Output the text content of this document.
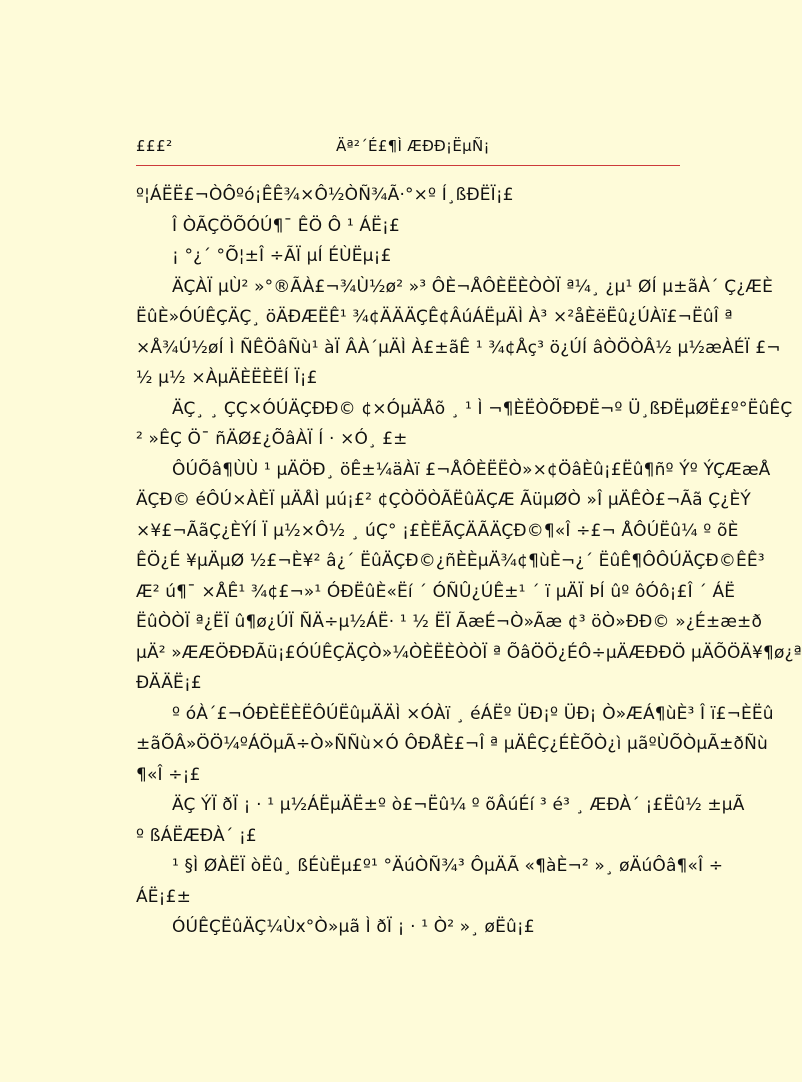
£££²	Äª²´É£¶Ì ÆÐÐ¡ËµÑ¡

º¦ÁËË£¬ÒÔºó¡ÊÊ¾×Ô½ÒÑ¾Ã·°×º Í¸ßÐËÏ¡£

Î ÒÃÇÖÕÓÚ¶¯ ÊÖ Ô ¹ ÁË¡£

¡ °¿´ °Õ¦±Î ÷ÃÏ µÍ ÉÙËµ¡£

ÄÇÀÏ µÙ² »°®ÃÀ£¬¾Ù½ø² »³ ÔÈ¬ÅÔÈËÈÒÒÏ ª¼¸ ¿µ¹ ØÍ µ±ãÀ´ Ç¿ÆÈ

ËûÈ»ÓÚÊÇÄÇ¸ öÄÐÆËÊ¹ ¾¢ÄÄÄÇÊ¢ÂúÁËµÄÌ À³ ×²åÈëËû¿ÚÀï£¬ËûÎ ª

×Å¾Ú½øÍ Ì ÑÊÖâÑù¹ àÏ ÂÀ´µÄÌ À£±ãÊ ¹ ¾¢Åç³ ö¿ÚÍ âÒÖÒÂ½ µ½æÀÉÏ £¬

½ µ½ ×ÀµÄÈËÈËÍ Ï¡£

ÄÇ¸ ¸ ÇÇ×ÓÚÄÇÐÐ© ¢×ÓµÄÅõ ¸ ¹ Ì ¬¶ÈËÒÕÐÐË¬º Ü¸ßÐËµØË£º°ËûÊÇ

² »ÊÇ Ö¯ ñÄØ£¿ÕâÀÏ Í · ×Ó¸ £±

ÔÚÕâ¶ÙÙ ¹ µÄÖÐ¸ öÊ±¼äÀï £¬ÅÔÈËËÒ»×¢ÖâÈû¡£Ëû¶ñº Ýº ÝÇÆæÅ

ÄÇÐ© éÔÚ×ÀÈÏ µÄÅÌ µú¡£² ¢ÇÒÖÒÃËûÄÇÆ ÃüµØÒ »Î µÄÊÒ£¬Ãã Ç¿ÈÝ

×¥£¬ÃãÇ¿ÈÝÍ Ï µ½×Ô½ ¸ úÇ° ¡£ÈËÃÇÄÃÄÇÐ©¶«Î ÷£¬ ÅÔÚËû¼ º õÈ

ÊÖ¿É ¥µÄµØ ½£¬È¥² â¿´ ËûÄÇÐ©¿ñÈÈµÄ¾¢¶ùÈ¬¿´ ËûÊ¶ÔÔÚÄÇÐ©ÊÊ³

Æ² ú¶¯ ×ÅÊ¹ ¾¢£¬»¹ ÓÐËûÈ«Ëí ´ ÓÑÛ¿ÚÊ±¹ ´ ï µÄÏ ÞÍ ûº ôÓô¡£Î ´ ÁË

ËûÒÒÏ ª¿ËÏ û¶ø¿ÚÏ ÑÄ÷µ½ÁË· ¹ ½ ËÏ ÃæÉ¬Ò»Ãæ ¢³ öÒ»ÐÐ© »¿É±æ±ð

µÄ² »ÆÆÖÐÐÃü¡£ÓÚÊÇÄÇÒ»¼ÒÈËÈÒÒÏ ª ÕâÖÖ¿ÉÔ÷µÄÆÐÐÖ µÄÕÖÄ¥¶ø¿ª

ÐÄÄË¡£

º óÀ´£¬ÓÐÈËÈËÔÚËûµÄÄÌ ×ÓÀï ¸ éÁËº ÜÐ¡º ÜÐ¡ Ò»ÆÁ¶ùÈ³ Î ï£¬ÈËû

±ãÕÂ»ÖÖ¼ºÁÖµÃ÷Ò»ÑÑù×Ó ÔÐÅÈ£¬Î ª µÄÊÇ¿ÉÈÕÒ¿ì µãºÙÕÒµÃ±ðÑù

¶«Î ÷¡£

ÄÇ ÝÏ ðÏ ¡ · ¹ µ½ÁËµÄË±º ò£¬Ëû¼ º õÂúÉí ³ é³ ¸ ÆÐÀ´ ¡£Ëû½ ±µÃ

º ßÁËÆÐÀ´ ¡£

¹ §Ì ØÀËÏ òËû¸ ßÉùËµ£º¹ °ÄúÒÑ¾³ ÔµÄÃ «¶àÈ¬² »¸ øÄúÔâ¶«Î ÷

ÁË¡£±

ÓÚÊÇËûÄÇ¼Ùx°Ò»µã Ì ðÏ ¡ · ¹ Ò² »¸ øËû¡£
